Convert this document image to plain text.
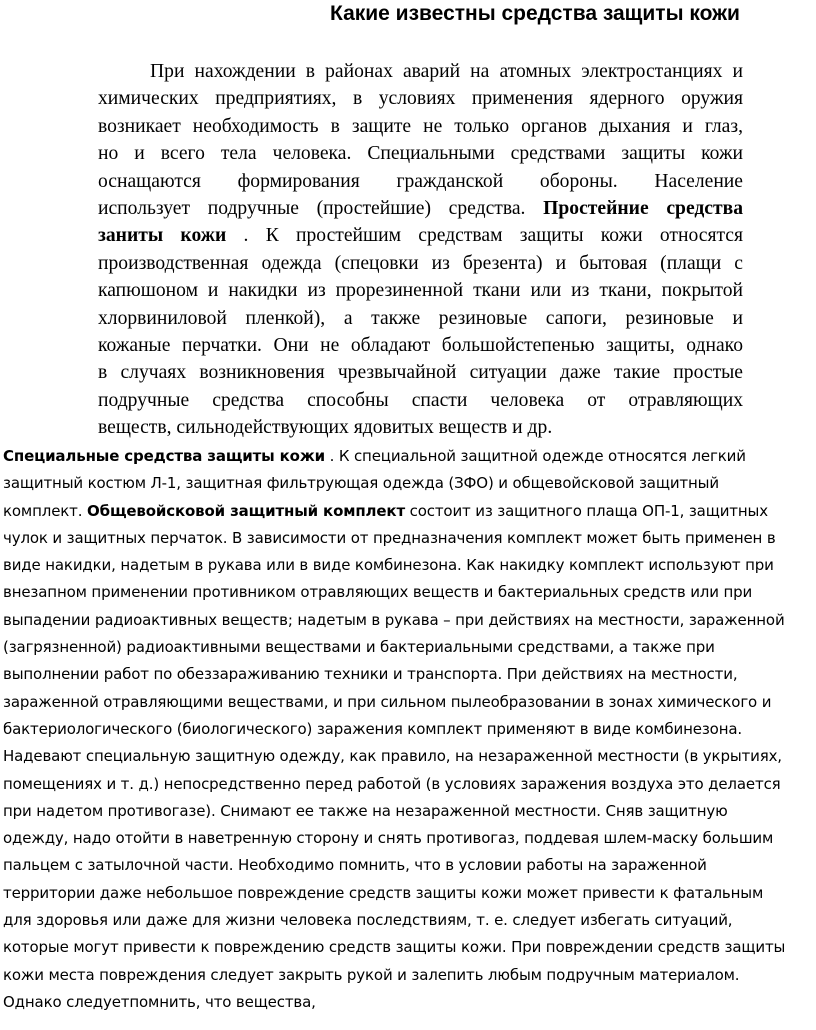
Какие известны средства защиты кожи
При нахождении в районах аварий на атомных электростанциях и
химических предприятиях, в условиях применения ядерного оружия
возникает необходимость в защите не только органов дыхания и глаз,
но и всего тела человека. Специальными средствами защиты кожи
оснащаются формирования гражданской обороны. Население
использует подручные (простейшие) средства. Простейние средства
заниты кожи . К простейшим средствам защиты кожи относятся
производственная одежда (спецовки из брезента) и бытовая (плащи с
капюшоном и накидки из прорезиненной ткани или из ткани, покрытой
хлорвиниловой пленкой), а также резиновые сапоги, резиновые и
кожаные перчатки. Они не обладают большойстепенью защиты, однако
в случаях возникновения чрезвычайной ситуации даже такие простые
подручные средства способны спасти человека от отравляющих
веществ, сильнодействующих ядовитых веществ и др.
Специальные средства защиты кожи . К специальной защитной одежде относятся легкий
защитный костюм Л-1, защитная фильтрующая одежда (ЗФО) и общевойсковой защитный
комплект. Общевойсковой защитный комплект состоит из защитного плаща ОП-1, защитных
чулок и защитных перчаток. В зависимости от предназначения комплект может быть применен в
виде накидки, надетым в рукава или в виде комбинезона. Как накидку комплект используют при
внезапном применении противником отравляющих веществ и бактериальных средств или при
выпадении радиоактивных веществ; надетым в рукава – при действиях на местности, зараженной
(загрязненной) радиоактивными веществами и бактериальными средствами, а также при
выполнении работ по обеззараживанию техники и транспорта. При действиях на местности,
зараженной отравляющими веществами, и при сильном пылеобразовании в зонах химического и
бактериологического (биологического) заражения комплект применяют в виде комбинезона.
Надевают специальную защитную одежду, как правило, на незараженной местности (в укрытиях,
помещениях и т. д.) непосредственно перед работой (в условиях заражения воздуха это делается
при надетом противогазе). Снимают ее также на незараженной местности. Сняв защитную
одежду, надо отойти в наветренную сторону и снять противогаз, поддевая шлем-маску большим
пальцем с затылочной части. Необходимо помнить, что в условии работы на зараженной
территории даже небольшое повреждение средств защиты кожи может привести к фатальным
для здоровья или даже для жизни человека последствиям, т. е. следует избегать ситуаций,
которые могут привести к повреждению средств защиты кожи. При повреждении средств защиты
кожи места повреждения следует закрыть рукой и залепить любым подручным материалом.
Однако следуетпомнить, что вещества,
